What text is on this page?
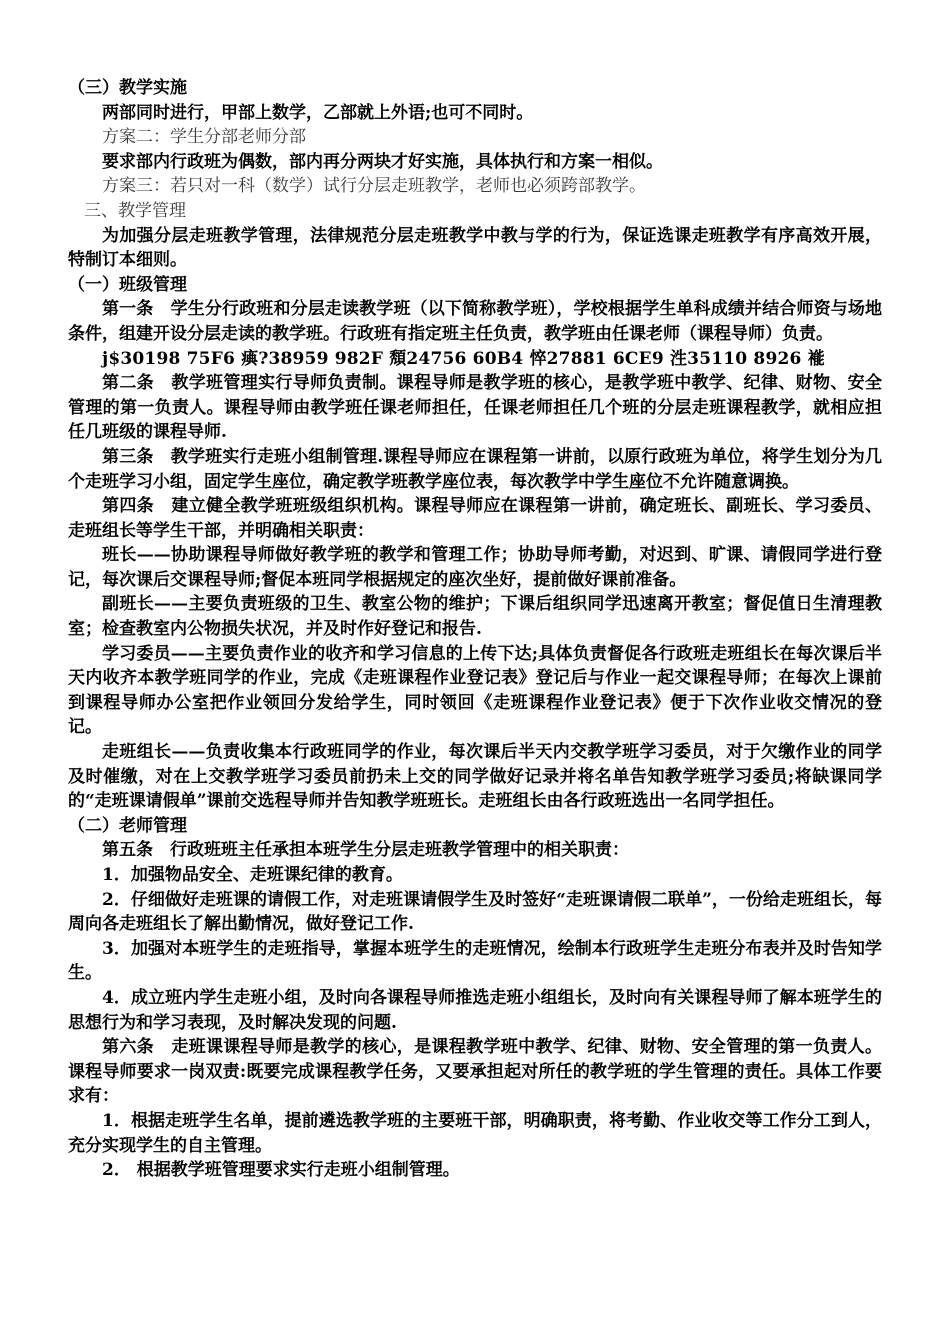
（三）教学实施
两部同时进行，甲部上数学，乙部就上外语;也可不同时。
方案二：学生分部老师分部
要求部内行政班为偶数，部内再分两块才好实施，具体执行和方案一相似。
方案三：若只对一科（数学）试行分层走班教学，老师也必须跨部教学。
三、教学管理
为加强分层走班教学管理，法律规范分层走班教学中教与学的行为，保证选课走班教学有序高效开展，特制订本细则。
（一）班级管理
第一条　学生分行政班和分层走读教学班（以下简称教学班），学校根据学生单科成绩并结合师资与场地条件，组建开设分层走读的教学班。行政班有指定班主任负责，教学班由任课老师（课程导师）负责。
j$30198 75F6 痶?38959 982F 頽24756 60B4 悴27881 6CE9 泩35110 8926 褦
第二条　教学班管理实行导师负责制。课程导师是教学班的核心，是教学班中教学、纪律、财物、安全管理的第一负责人。课程导师由教学班任课老师担任，任课老师担任几个班的分层走班课程教学，就相应担任几班级的课程导师.
第三条　教学班实行走班小组制管理.课程导师应在课程第一讲前，以原行政班为单位，将学生划分为几个走班学习小组，固定学生座位，确定教学班教学座位表，每次教学中学生座位不允许随意调换。
第四条　建立健全教学班班级组织机构。课程导师应在课程第一讲前，确定班长、副班长、学习委员、走班组长等学生干部，并明确相关职责：
班长——协助课程导师做好教学班的教学和管理工作；协助导师考勤，对迟到、旷课、请假同学进行登记，每次课后交课程导师;督促本班同学根据规定的座次坐好，提前做好课前准备。
副班长——主要负责班级的卫生、教室公物的维护；下课后组织同学迅速离开教室；督促值日生清理教室；检查教室内公物损失状况，并及时作好登记和报告.
学习委员——主要负责作业的收齐和学习信息的上传下达;具体负责督促各行政班走班组长在每次课后半天内收齐本教学班同学的作业，完成《走班课程作业登记表》登记后与作业一起交课程导师；在每次上课前到课程导师办公室把作业领回分发给学生，同时领回《走班课程作业登记表》便于下次作业收交情况的登记。
走班组长——负责收集本行政班同学的作业，每次课后半天内交教学班学习委员，对于欠缴作业的同学及时催缴，对在上交教学班学习委员前扔未上交的同学做好记录并将名单告知教学班学习委员;将缺课同学的“走班课请假单”课前交选程导师并告知教学班班长。走班组长由各行政班选出一名同学担任。
（二）老师管理
第五条　行政班班主任承担本班学生分层走班教学管理中的相关职责：
1．加强物品安全、走班课纪律的教育。
2．仔细做好走班课的请假工作，对走班课请假学生及时签好“走班课请假二联单”，一份给走班组长，每周向各走班组长了解出勤情况，做好登记工作.
3．加强对本班学生的走班指导，掌握本班学生的走班情况，绘制本行政班学生走班分布表并及时告知学生。
4．成立班内学生走班小组，及时向各课程导师推选走班小组组长，及时向有关课程导师了解本班学生的思想行为和学习表现，及时解决发现的问题.
第六条　走班课课程导师是教学的核心，是课程教学班中教学、纪律、财物、安全管理的第一负责人。课程导师要求一岗双责:既要完成课程教学任务，又要承担起对所任的教学班的学生管理的责任。具体工作要求有：
1．根据走班学生名单，提前遴选教学班的主要班干部，明确职责，将考勤、作业收交等工作分工到人，充分实现学生的自主管理。
2． 根据教学班管理要求实行走班小组制管理。
